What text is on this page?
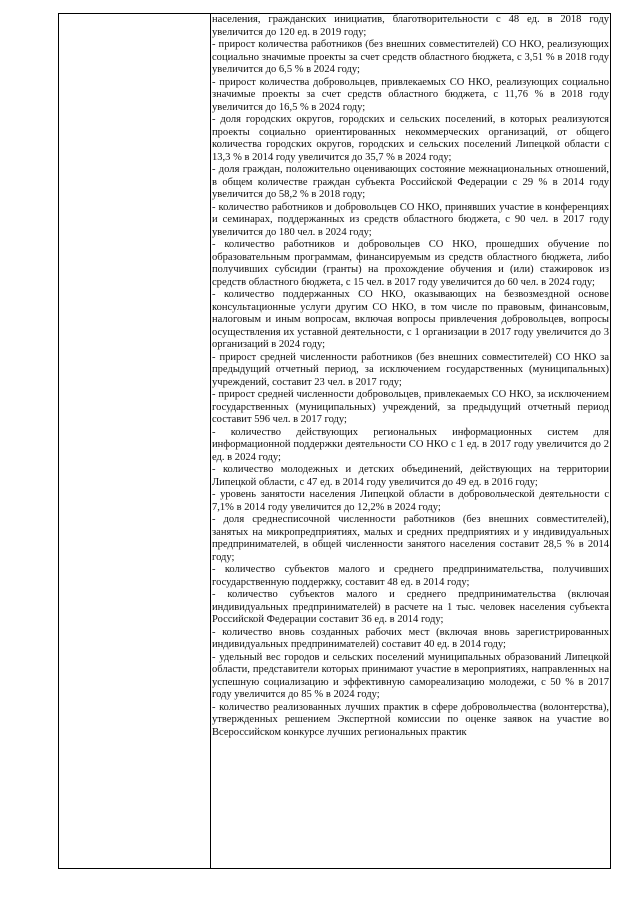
населения, гражданских инициатив, благотворительности с 48 ед. в 2018 году увеличится до 120 ед. в 2019 году;

- прирост количества работников (без внешних совместителей) СО НКО, реализующих социально значимые проекты за счет средств областного бюджета, с 3,51 % в 2018 году увеличится до 6,5 % в 2024 году;

- прирост количества добровольцев, привлекаемых СО НКО, реализующих социально значимые проекты за счет средств областного бюджета, с 11,76 % в 2018 году увеличится до 16,5 % в 2024 году;

- доля городских округов, городских и сельских поселений, в которых реализуются проекты социально ориентированных некоммерческих организаций, от общего количества городских округов, городских и сельских поселений Липецкой области с 13,3 % в 2014 году увеличится до 35,7 % в 2024 году;

- доля граждан, положительно оценивающих состояние межнациональных отношений, в общем количестве граждан субъекта Российской Федерации с 29 % в 2014 году увеличится до 58,2 % в 2018 году;

- количество работников и добровольцев СО НКО, принявших участие в конференциях и семинарах, поддержанных из средств областного бюджета, с 90 чел. в 2017 году увеличится до 180 чел. в 2024 году;

- количество работников и добровольцев СО НКО, прошедших обучение по образовательным программам, финансируемым из средств областного бюджета, либо получивших субсидии (гранты) на прохождение обучения и (или) стажировок из средств областного бюджета, с 15 чел. в 2017 году увеличится до 60 чел. в 2024 году;

- количество поддержанных СО НКО, оказывающих на безвозмездной основе консультационные услуги другим СО НКО, в том числе по правовым, финансовым, налоговым и иным вопросам, включая вопросы привлечения добровольцев, вопросы осуществления их уставной деятельности, с 1 организации в 2017 году увеличится до 3 организаций в 2024 году;

- прирост средней численности работников (без внешних совместителей) СО НКО за предыдущий отчетный период, за исключением государственных (муниципальных) учреждений, составит 23 чел. в 2017 году;

- прирост средней численности добровольцев, привлекаемых СО НКО, за исключением государственных (муниципальных) учреждений, за предыдущий отчетный период составит 596 чел. в 2017 году;

- количество действующих региональных информационных систем для информационной поддержки деятельности СО НКО с 1 ед. в 2017 году увеличится до 2 ед. в 2024 году;

- количество молодежных и детских объединений, действующих на территории Липецкой области, с 47 ед. в 2014 году увеличится до 49 ед. в 2016 году;

- уровень занятости населения Липецкой области в добровольческой деятельности с 7,1% в 2014 году увеличится до 12,2% в 2024 году;

- доля среднесписочной численности работников (без внешних совместителей), занятых на микропредприятиях, малых и средних предприятиях и у индивидуальных предпринимателей, в общей численности занятого населения составит 28,5 % в 2014 году;

- количество субъектов малого и среднего предпринимательства, получивших государственную поддержку, составит 48 ед. в 2014 году;

- количество субъектов малого и среднего предпринимательства (включая индивидуальных предпринимателей) в расчете на 1 тыс. человек населения субъекта Российской Федерации составит 36 ед. в 2014 году;

- количество вновь созданных рабочих мест (включая вновь зарегистрированных индивидуальных предпринимателей) составит 40 ед. в 2014 году;

- удельный вес городов и сельских поселений муниципальных образований Липецкой области, представители которых принимают участие в мероприятиях, направленных на успешную социализацию и эффективную самореализацию молодежи, с 50 % в 2017 году увеличится до 85 % в 2024 году;

- количество реализованных лучших практик в сфере добровольчества (волонтерства), утвержденных решением Экспертной комиссии по оценке заявок на участие во Всероссийском конкурсе лучших региональных практик
